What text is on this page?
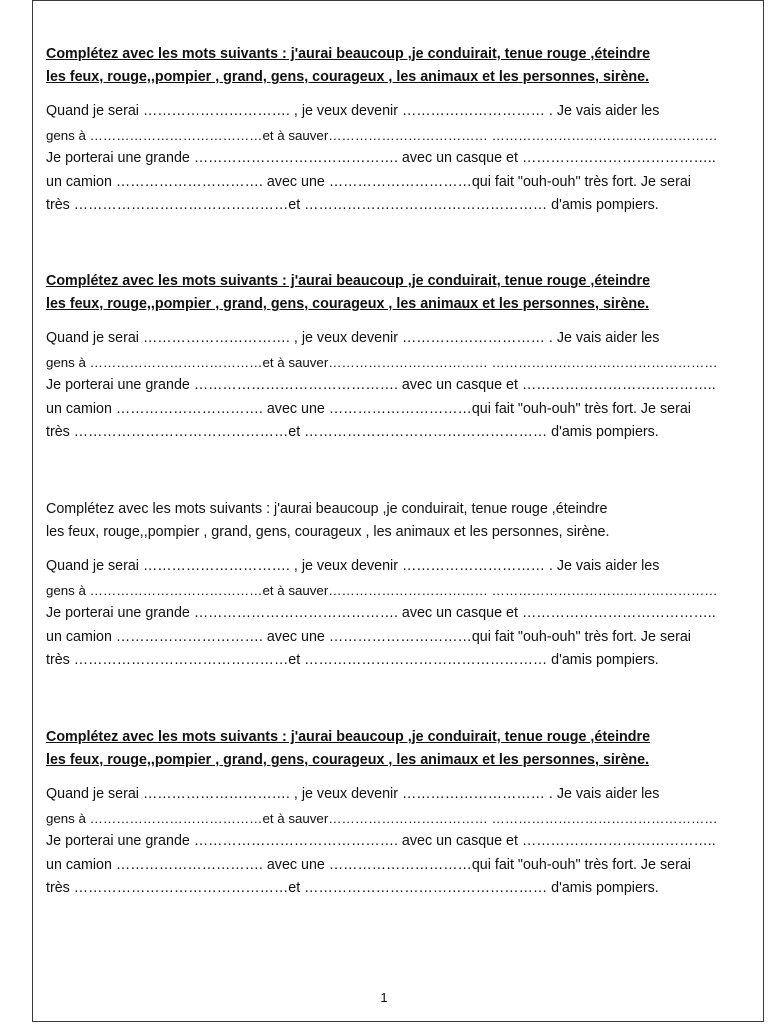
Complétez avec les mots suivants : j'aurai beaucoup ,je conduirait, tenue rouge ,éteindre
les feux, rouge,,pompier , grand, gens, courageux , les animaux et les personnes, sirène.

Quand je serai …………………………. , je veux devenir ………………………… . Je vais aider les
gens à …………………………………et à sauver……………………………… ……………………………………………
Je porterai une grande ……………………………………. avec un casque et …………………………………..
un camion …………………………. avec une …………………………qui fait "ouh-ouh" très fort. Je serai
très ………………………………………et …………………………………………… d'amis pompiers.

Complétez avec les mots suivants : j'aurai beaucoup ,je conduirait, tenue rouge ,éteindre
les feux, rouge,,pompier , grand, gens, courageux , les animaux et les personnes, sirène.

Quand je serai …………………………. , je veux devenir ………………………… . Je vais aider les
gens à …………………………………et à sauver……………………………… ……………………………………………
Je porterai une grande ……………………………………. avec un casque et …………………………………..
un camion …………………………. avec une …………………………qui fait "ouh-ouh" très fort. Je serai
très ………………………………………et …………………………………………… d'amis pompiers.

Complétez avec les mots suivants : j'aurai beaucoup ,je conduirait, tenue rouge ,éteindre
les feux, rouge,,pompier , grand, gens, courageux , les animaux et les personnes, sirène.

Quand je serai …………………………. , je veux devenir ………………………… . Je vais aider les
gens à …………………………………et à sauver……………………………… ……………………………………………
Je porterai une grande ……………………………………. avec un casque et …………………………………..
un camion …………………………. avec une …………………………qui fait "ouh-ouh" très fort. Je serai
très ………………………………………et …………………………………………… d'amis pompiers.

Complétez avec les mots suivants : j'aurai beaucoup ,je conduirait, tenue rouge ,éteindre
les feux, rouge,,pompier , grand, gens, courageux , les animaux et les personnes, sirène.

Quand je serai …………………………. , je veux devenir ………………………… . Je vais aider les
gens à …………………………………et à sauver……………………………… ……………………………………………
Je porterai une grande ……………………………………. avec un casque et …………………………………..
un camion …………………………. avec une …………………………qui fait "ouh-ouh" très fort. Je serai
très ………………………………………et …………………………………………… d'amis pompiers.
1
